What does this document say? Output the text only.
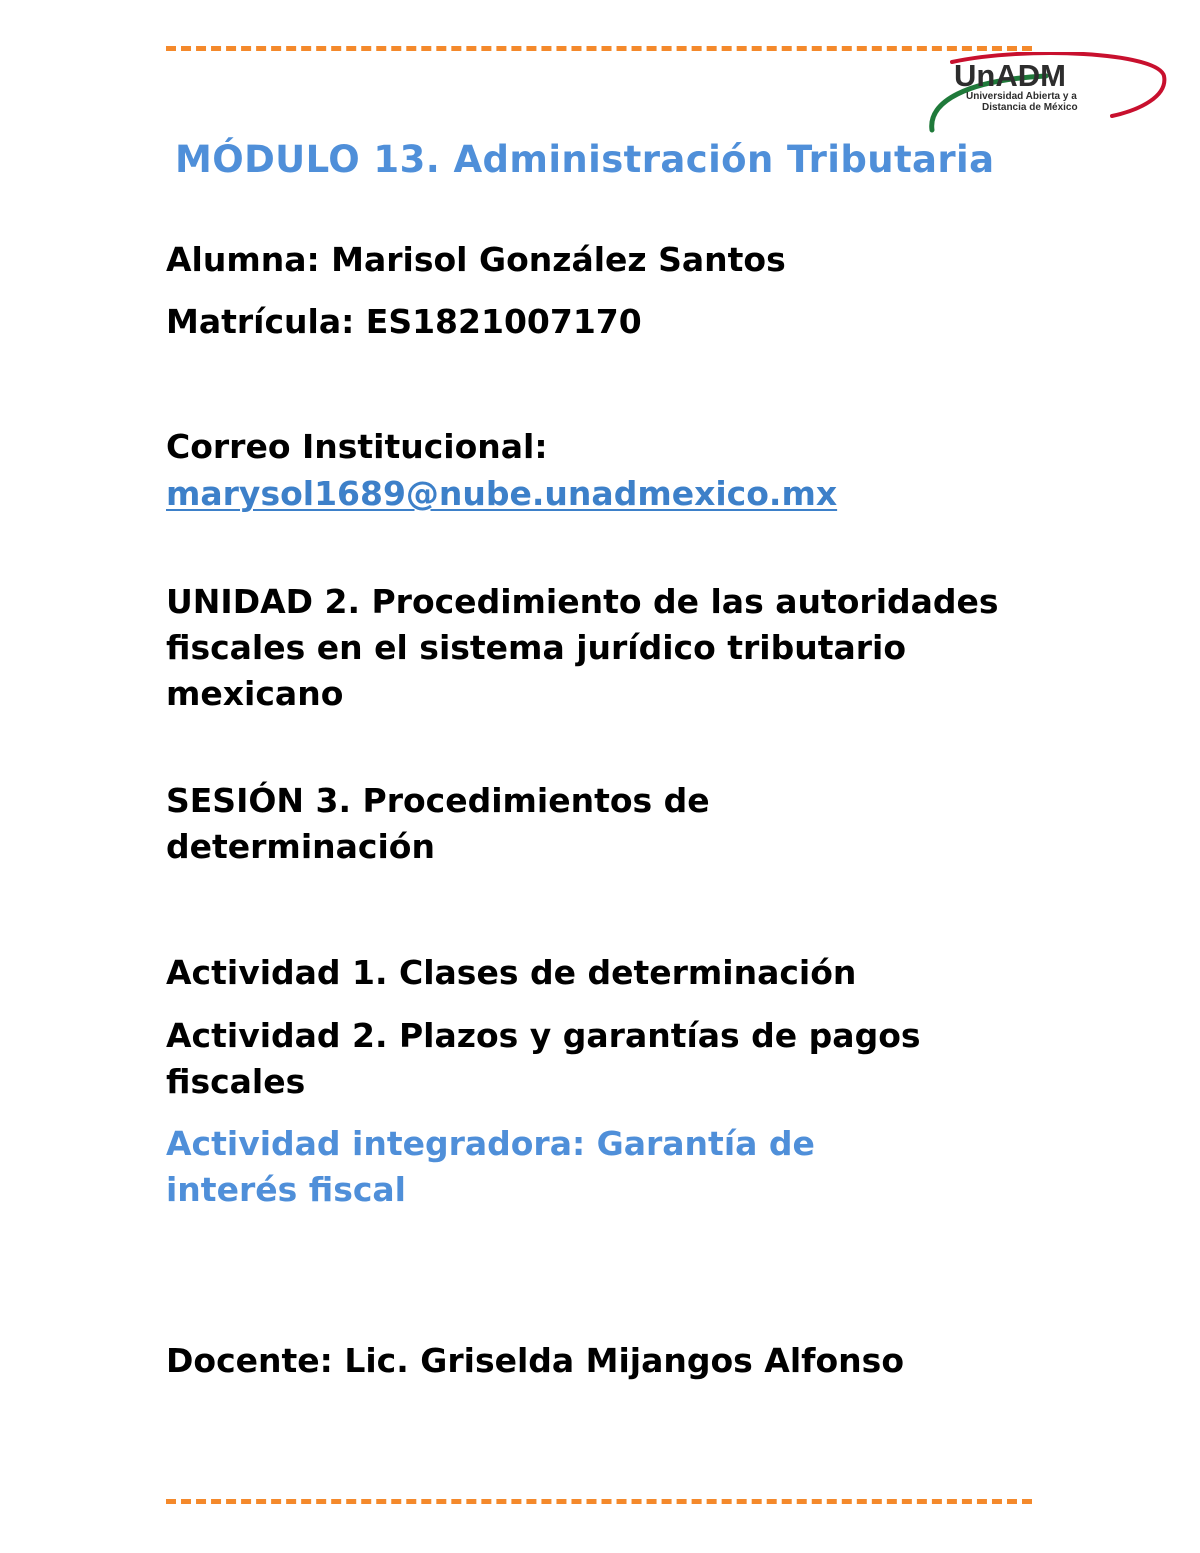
UnADM
Universidad Abierta y a
Distancia de México
MÓDULO 13. Administración Tributaria

Alumna: Marisol González Santos

Matrícula: ES1821007170

Correo Institucional:

marysol1689@nube.unadmexico.mx

UNIDAD 2. Procedimiento de las autoridades fiscales en el sistema jurídico tributario mexicano

SESIÓN 3. Procedimientos de determinación

Actividad 1. Clases de determinación

Actividad 2. Plazos y garantías de pagos fiscales

Actividad integradora: Garantía de interés fiscal

Docente: Lic. Griselda Mijangos Alfonso
